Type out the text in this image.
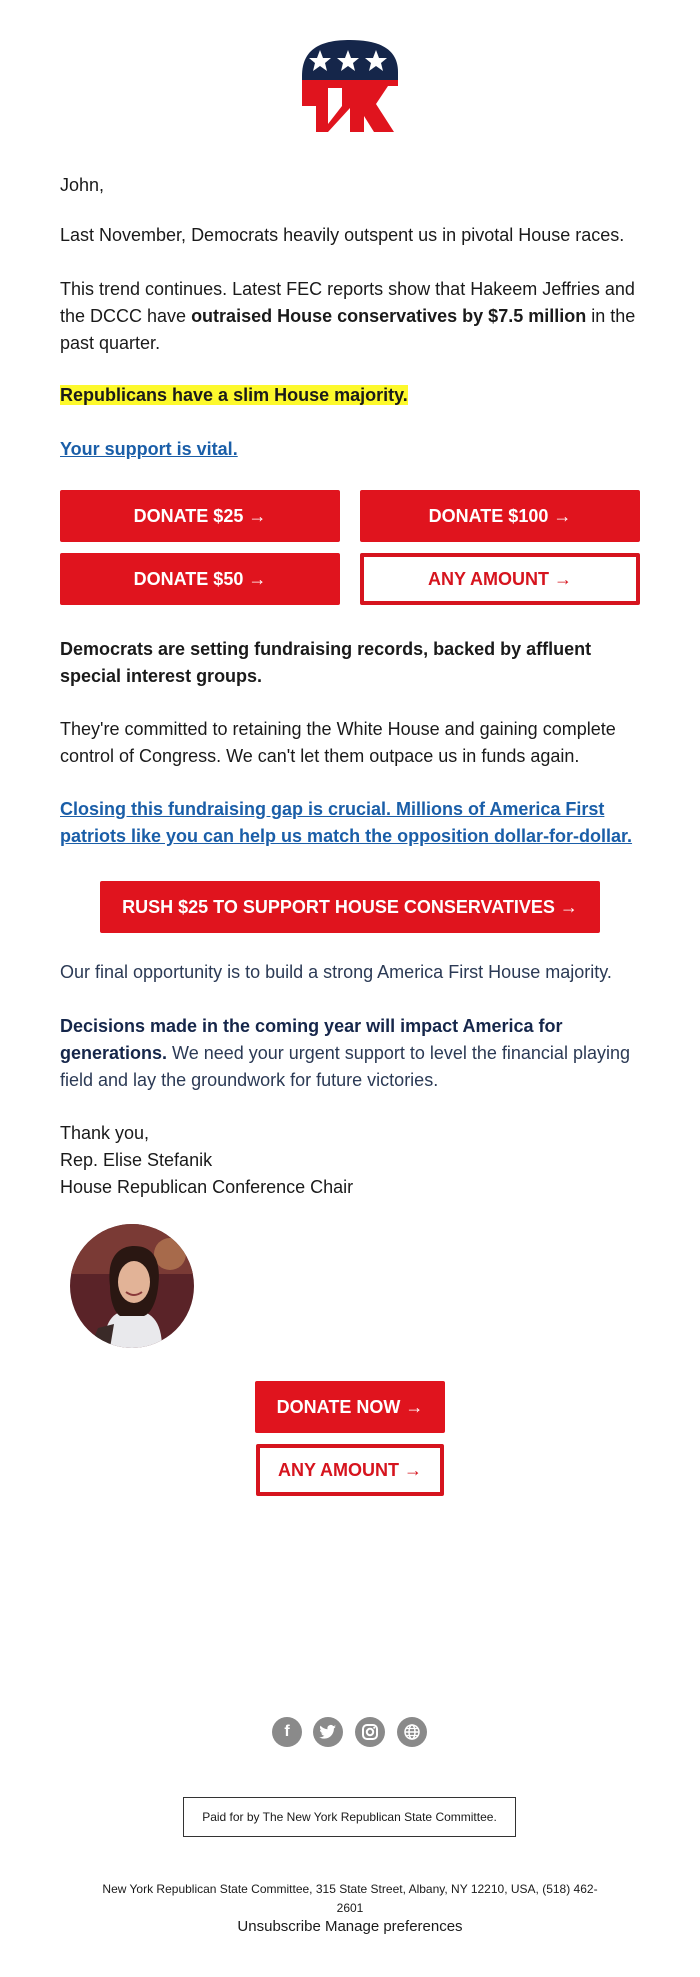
John,

Last November, Democrats heavily outspent us in pivotal House races.

This trend continues. Latest FEC reports show that Hakeem Jeffries and the DCCC have outraised House conservatives by $7.5 million in the past quarter.

Republicans have a slim House majority.

Your support is vital.

DONATE $25 →	DONATE $100 →
DONATE $50 →	ANY AMOUNT →

Democrats are setting fundraising records, backed by affluent special interest groups.

They're committed to retaining the White House and gaining complete control of Congress. We can't let them outpace us in funds again.

Closing this fundraising gap is crucial. Millions of America First patriots like you can help us match the opposition dollar-for-dollar.

RUSH $25 TO SUPPORT HOUSE CONSERVATIVES →

Our final opportunity is to build a strong America First House majority.

Decisions made in the coming year will impact America for generations. We need your urgent support to level the financial playing field and lay the groundwork for future victories.

Thank you,

Rep. Elise Stefanik

House Republican Conference Chair

DONATE NOW →
ANY AMOUNT →
f
Paid for by The New York Republican State Committee.
New York Republican State Committee, 315 State Street, Albany, NY 12210, USA, (518) 462-2601
Unsubscribe Manage preferences
